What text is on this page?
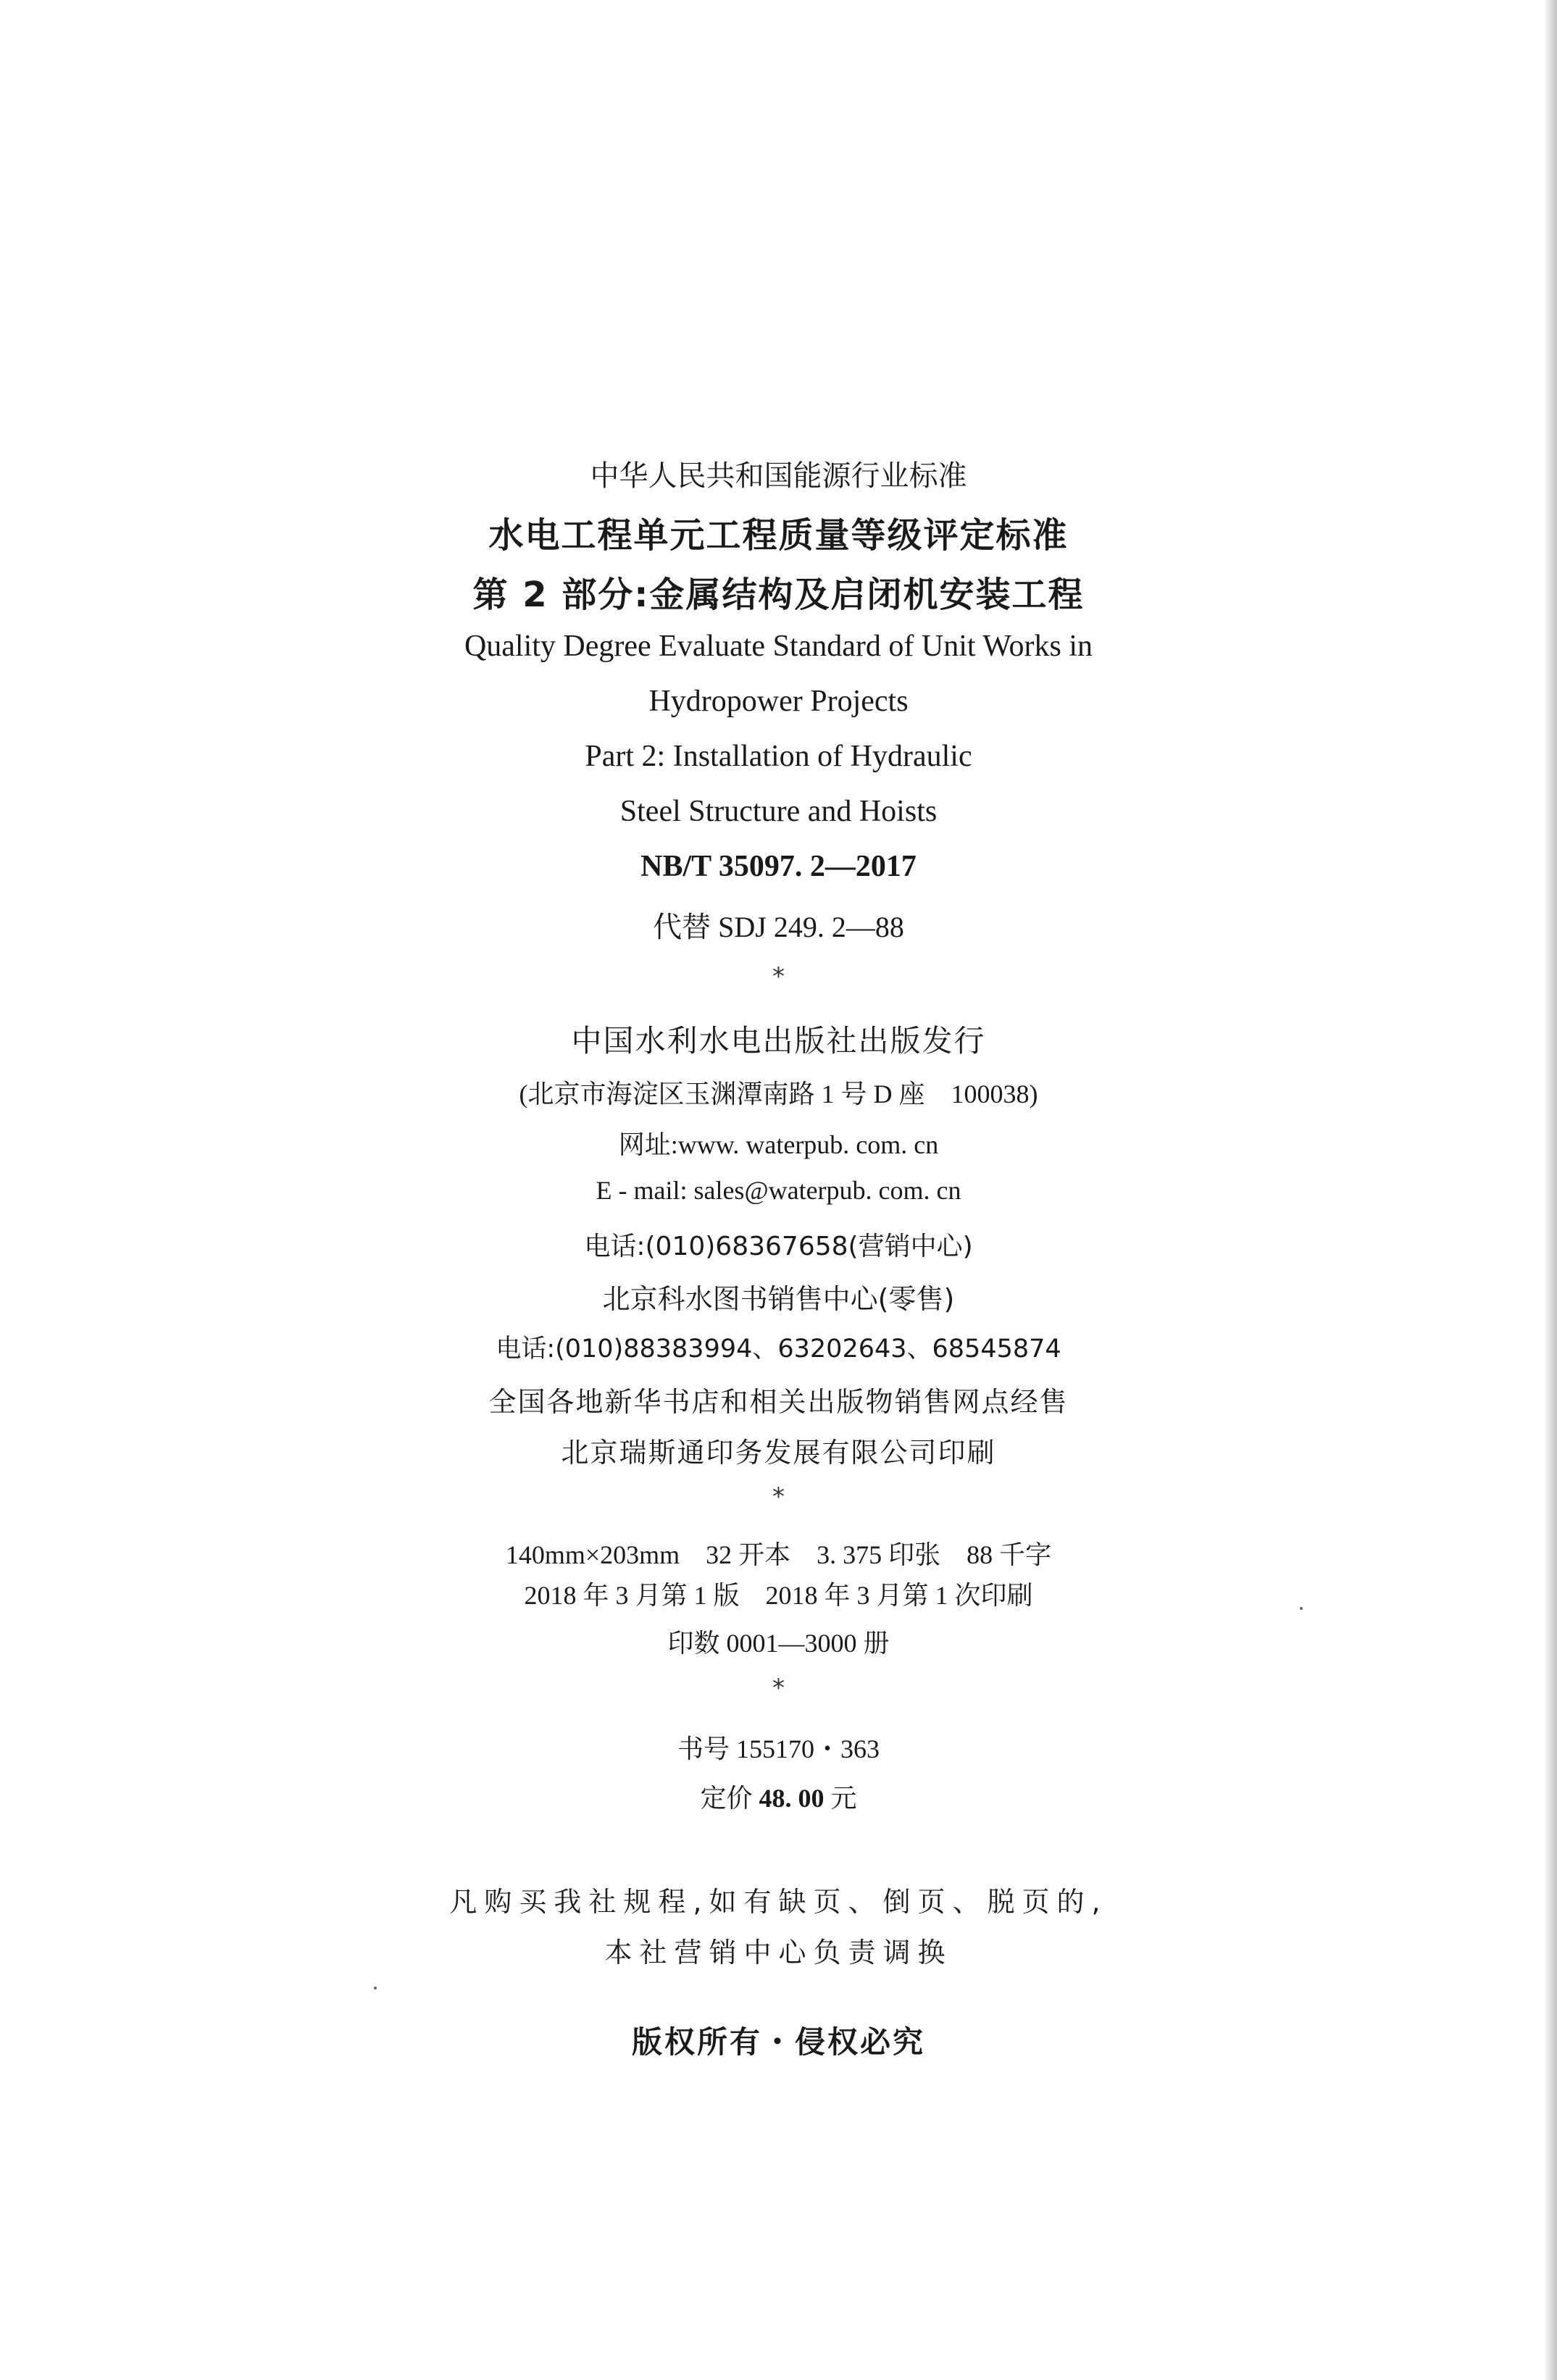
中华人民共和国能源行业标准

水电工程单元工程质量等级评定标准

第 2 部分:金属结构及启闭机安装工程

Quality Degree Evaluate Standard of Unit Works in

Hydropower Projects

Part 2: Installation of Hydraulic

Steel Structure and Hoists

NB/T 35097. 2—2017

代替 SDJ 249. 2—88

*

中国水利水电出版社出版发行

(北京市海淀区玉渊潭南路 1 号 D 座　100038)

网址:www. waterpub. com. cn

E - mail: sales@waterpub. com. cn

电话:(010)68367658(营销中心)

北京科水图书销售中心(零售)

电话:(010)88383994、63202643、68545874

全国各地新华书店和相关出版物销售网点经售

北京瑞斯通印务发展有限公司印刷

*

140mm×203mm　32 开本　3. 375 印张　88 千字

2018 年 3 月第 1 版　2018 年 3 月第 1 次印刷

印数 0001—3000 册

*

书号 155170・363

定价 48. 00 元

凡购买我社规程,如有缺页、倒页、脱页的,

本社营销中心负责调换

版权所有・侵权必究
